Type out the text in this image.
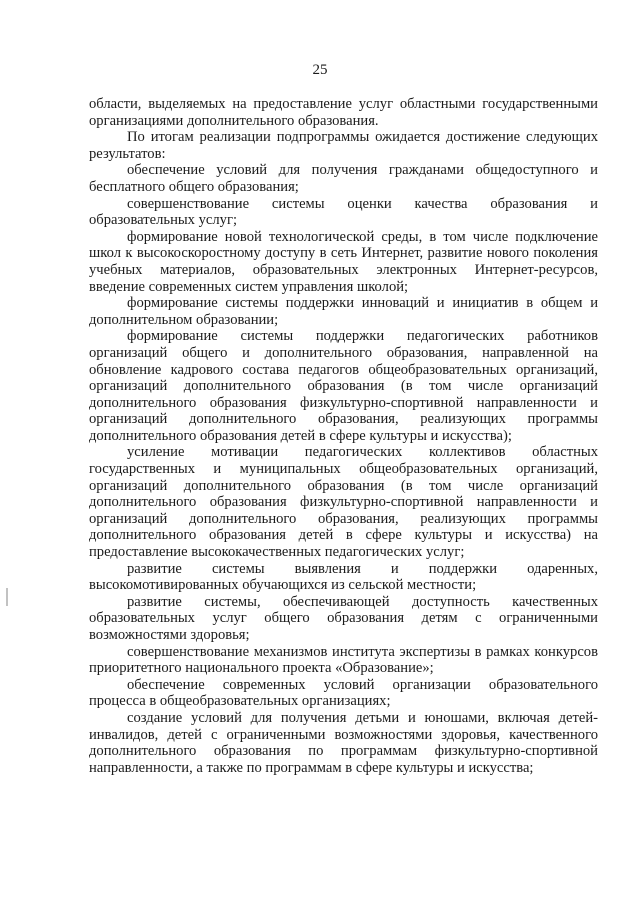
25

области, выделяемых на предоставление услуг областными государственными организациями дополнительного образования.

По итогам реализации подпрограммы ожидается достижение следующих результатов:

обеспечение условий для получения гражданами общедоступного и бесплатного общего образования;

совершенствование системы оценки качества образования и образовательных услуг;

формирование новой технологической среды, в том числе подключение школ к высокоскоростному доступу в сеть Интернет, развитие нового поколения учебных материалов, образовательных электронных Интернет-ресурсов, введение современных систем управления школой;

формирование системы поддержки инноваций и инициатив в общем и дополнительном образовании;

формирование системы поддержки педагогических работников организаций общего и дополнительного образования, направленной на обновление кадрового состава педагогов общеобразовательных организаций, организаций дополнительного образования (в том числе организаций дополнительного образования физкультурно-спортивной направленности и организаций дополнительного образования, реализующих программы дополнительного образования детей в сфере культуры и искусства);

усиление мотивации педагогических коллективов областных государственных и муниципальных общеобразовательных организаций, организаций дополнительного образования (в том числе организаций дополнительного образования физкультурно-спортивной направленности и организаций дополнительного образования, реализующих программы дополнительного образования детей в сфере культуры и искусства) на предоставление высококачественных педагогических услуг;

развитие системы выявления и поддержки одаренных, высокомотивированных обучающихся из сельской местности;

развитие системы, обеспечивающей доступность качественных образовательных услуг общего образования детям с ограниченными возможностями здоровья;

совершенствование механизмов института экспертизы в рамках конкурсов приоритетного национального проекта «Образование»;

обеспечение современных условий организации образовательного процесса в общеобразовательных организациях;

создание условий для получения детьми и юношами, включая детей-инвалидов, детей с ограниченными возможностями здоровья, качественного дополнительного образования по программам физкультурно-спортивной направленности, а также по программам в сфере культуры и искусства;
